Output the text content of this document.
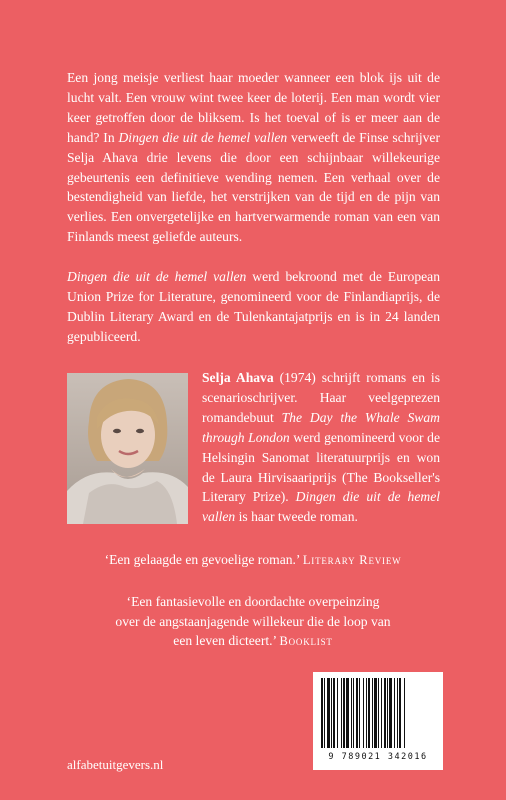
Een jong meisje verliest haar moeder wanneer een blok ijs uit de lucht valt. Een vrouw wint twee keer de loterij. Een man wordt vier keer getroffen door de bliksem. Is het toeval of is er meer aan de hand? In Dingen die uit de hemel vallen verweeft de Finse schrijver Selja Ahava drie levens die door een schijnbaar willekeurige gebeurtenis een definitieve wending nemen. Een verhaal over de bestendigheid van liefde, het verstrijken van de tijd en de pijn van verlies. Een onvergetelijke en hartverwarmende roman van een van Finlands meest geliefde auteurs.

Dingen die uit de hemel vallen werd bekroond met de European Union Prize for Literature, genomineerd voor de Finlandiaprijs, de Dublin Literary Award en de Tulenkantajatprijs en is in 24 landen gepubliceerd.

Selja Ahava (1974) schrijft romans en is scenarioschrijver. Haar veelgeprezen romandebuut The Day the Whale Swam through London werd genomineerd voor de Helsingin Sanomat literatuurprijs en won de Laura Hirvisaariprijs (The Bookseller's Literary Prize). Dingen die uit de hemel vallen is haar tweede roman.

‘Een gelaagde en gevoelige roman.’ Literary Review

‘Een fantasievolle en doordachte overpeinzing
over de angstaanjagende willekeur die de loop van
een leven dicteert.’ Booklist

9 789021 342016

alfabetuitgevers.nl
